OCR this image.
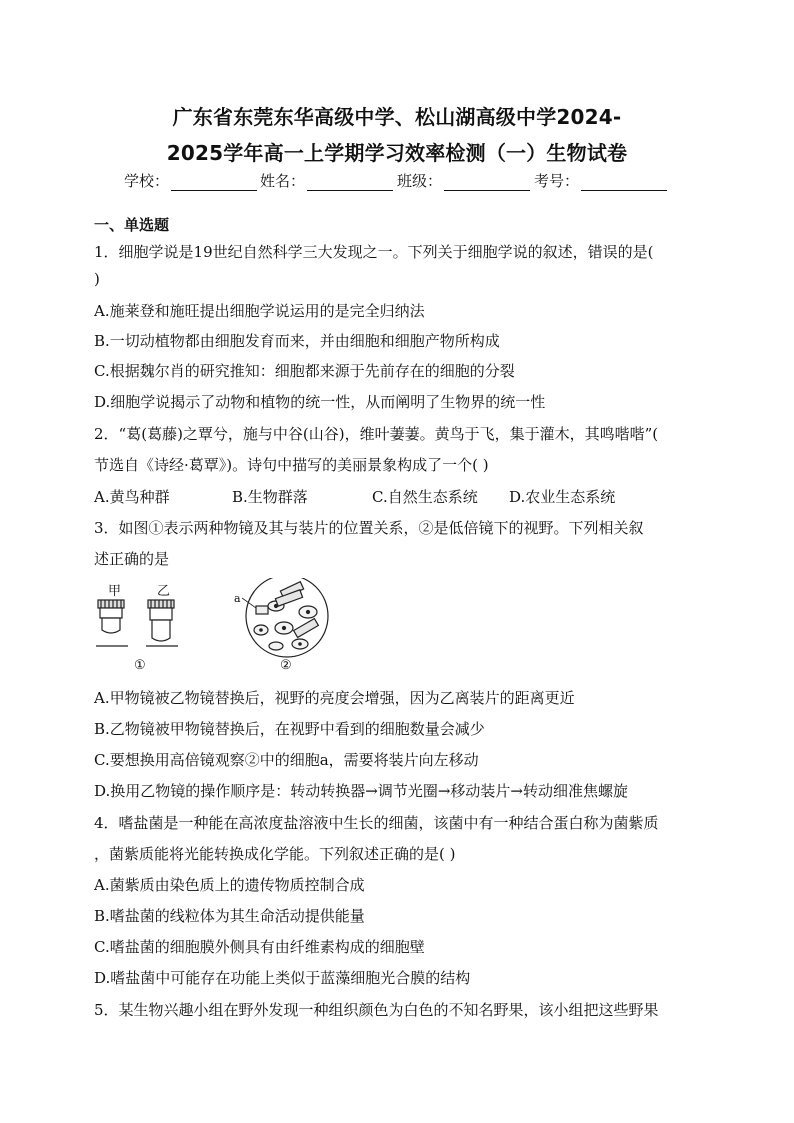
广东省东莞东华高级中学、松山湖高级中学2024-
2025学年高一上学期学习效率检测（一）生物试卷
学校：	姓名：	班级：	考号：
一、单选题
1．细胞学说是19世纪自然科学三大发现之一。下列关于细胞学说的叙述，错误的是(
)
A.施莱登和施旺提出细胞学说运用的是完全归纳法
B.一切动植物都由细胞发育而来，并由细胞和细胞产物所构成
C.根据魏尔肖的研究推知：细胞都来源于先前存在的细胞的分裂
D.细胞学说揭示了动物和植物的统一性，从而阐明了生物界的统一性
2．“葛(葛藤)之覃兮，施与中谷(山谷)，维叶萋萋。黄鸟于飞，集于灌木，其鸣喈喈”(
节选自《诗经·葛覃》)。诗句中描写的美丽景象构成了一个( )
A.黄鸟种群	B.生物群落	C.自然生态系统 D.农业生态系统
3．如图①表示两种物镜及其与装片的位置关系，②是低倍镜下的视野。下列相关叙
述正确的是
甲	乙	a
①	②
A.甲物镜被乙物镜替换后，视野的亮度会增强，因为乙离装片的距离更近
B.乙物镜被甲物镜替换后，在视野中看到的细胞数量会减少
C.要想换用高倍镜观察②中的细胞a，需要将装片向左移动
D.换用乙物镜的操作顺序是：转动转换器→调节光圈→移动装片→转动细准焦螺旋
4．嗜盐菌是一种能在高浓度盐溶液中生长的细菌，该菌中有一种结合蛋白称为菌紫质
，菌紫质能将光能转换成化学能。下列叙述正确的是( )
A.菌紫质由染色质上的遗传物质控制合成
B.嗜盐菌的线粒体为其生命活动提供能量
C.嗜盐菌的细胞膜外侧具有由纤维素构成的细胞壁
D.嗜盐菌中可能存在功能上类似于蓝藻细胞光合膜的结构
5．某生物兴趣小组在野外发现一种组织颜色为白色的不知名野果，该小组把这些野果
